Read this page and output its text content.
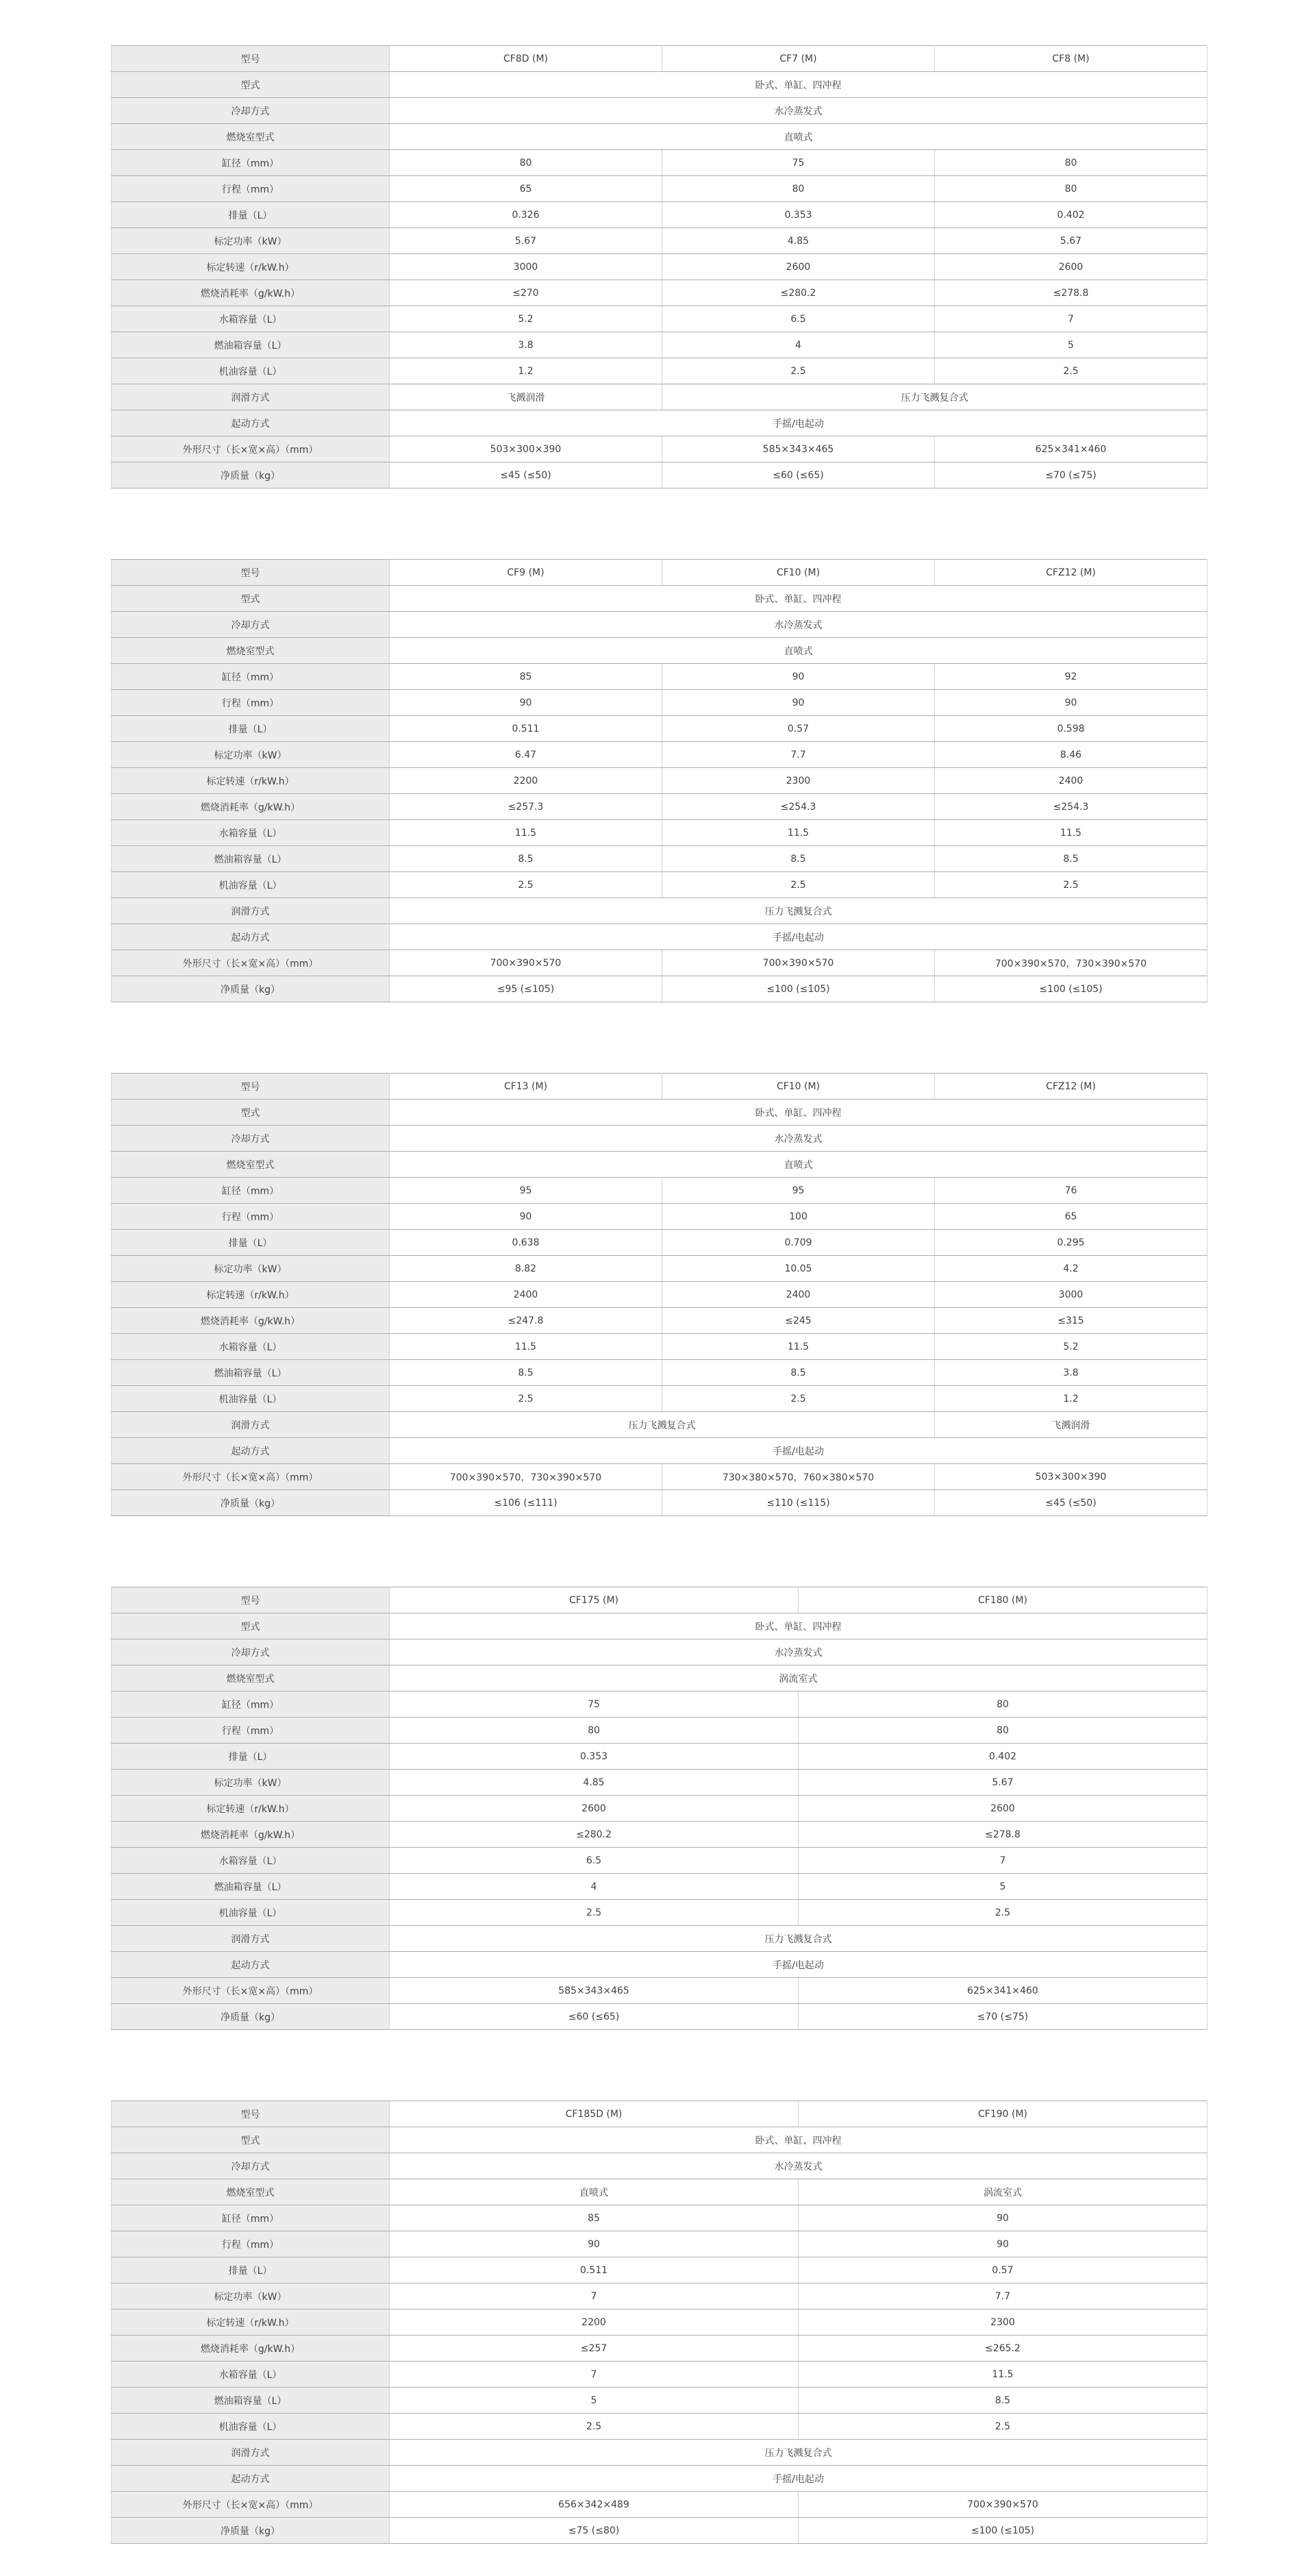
型号	CF8D (M)	CF7 (M)	CF8 (M)
型式	卧式、单缸、四冲程		
冷却方式	水冷蒸发式		
燃烧室型式	直喷式		
缸径（mm）	80	75	80
行程（mm）	65	80	80
排量（L）	0.326	0.353	0.402
标定功率（kW）	5.67	4.85	5.67
标定转速（r/kW.h）	3000	2600	2600
燃烧消耗率（g/kW.h）	≤270	≤280.2	≤278.8
水箱容量（L）	5.2	6.5	7
燃油箱容量（L）	3.8	4	5
机油容量（L）	1.2	2.5	2.5
润滑方式	飞溅润滑	压力飞溅复合式	
起动方式	手摇/电起动		
外形尺寸（长×宽×高）（mm）	503×300×390	585×343×465	625×341×460
净质量（kg）	≤45 (≤50)	≤60 (≤65)	≤70 (≤75)
型号	CF9 (M)	CF10 (M)	CFZ12 (M)
型式	卧式、单缸、四冲程		
冷却方式	水冷蒸发式		
燃烧室型式	直喷式		
缸径（mm）	85	90	92
行程（mm）	90	90	90
排量（L）	0.511	0.57	0.598
标定功率（kW）	6.47	7.7	8.46
标定转速（r/kW.h）	2200	2300	2400
燃烧消耗率（g/kW.h）	≤257.3	≤254.3	≤254.3
水箱容量（L）	11.5	11.5	11.5
燃油箱容量（L）	8.5	8.5	8.5
机油容量（L）	2.5	2.5	2.5
润滑方式	压力飞溅复合式		
起动方式	手摇/电起动		
外形尺寸（长×宽×高）（mm）	700×390×570	700×390×570	700×390×570，730×390×570
净质量（kg）	≤95 (≤105)	≤100 (≤105)	≤100 (≤105)
型号	CF13 (M)	CF10 (M)	CFZ12 (M)
型式	卧式、单缸、四冲程		
冷却方式	水冷蒸发式		
燃烧室型式	直喷式		
缸径（mm）	95	95	76
行程（mm）	90	100	65
排量（L）	0.638	0.709	0.295
标定功率（kW）	8.82	10.05	4.2
标定转速（r/kW.h）	2400	2400	3000
燃烧消耗率（g/kW.h）	≤247.8	≤245	≤315
水箱容量（L）	11.5	11.5	5.2
燃油箱容量（L）	8.5	8.5	3.8
机油容量（L）	2.5	2.5	1.2
润滑方式	压力飞溅复合式		飞溅润滑
起动方式	手摇/电起动		
外形尺寸（长×宽×高）（mm）	700×390×570，730×390×570	730×380×570，760×380×570	503×300×390
净质量（kg）	≤106 (≤111)	≤110 (≤115)	≤45 (≤50)
型号	CF175 (M)	CF180 (M)
型式	卧式、单缸、四冲程	
冷却方式	水冷蒸发式	
燃烧室型式	涡流室式	
缸径（mm）	75	80
行程（mm）	80	80
排量（L）	0.353	0.402
标定功率（kW）	4.85	5.67
标定转速（r/kW.h）	2600	2600
燃烧消耗率（g/kW.h）	≤280.2	≤278.8
水箱容量（L）	6.5	7
燃油箱容量（L）	4	5
机油容量（L）	2.5	2.5
润滑方式	压力飞溅复合式	
起动方式	手摇/电起动	
外形尺寸（长×宽×高）（mm）	585×343×465	625×341×460
净质量（kg）	≤60 (≤65)	≤70 (≤75)
型号	CF185D (M)	CF190 (M)
型式	卧式、单缸、四冲程	
冷却方式	水冷蒸发式	
燃烧室型式	直喷式	涡流室式
缸径（mm）	85	90
行程（mm）	90	90
排量（L）	0.511	0.57
标定功率（kW）	7	7.7
标定转速（r/kW.h）	2200	2300
燃烧消耗率（g/kW.h）	≤257	≤265.2
水箱容量（L）	7	11.5
燃油箱容量（L）	5	8.5
机油容量（L）	2.5	2.5
润滑方式	压力飞溅复合式	
起动方式	手摇/电起动	
外形尺寸（长×宽×高）（mm）	656×342×489	700×390×570
净质量（kg）	≤75 (≤80)	≤100 (≤105)
